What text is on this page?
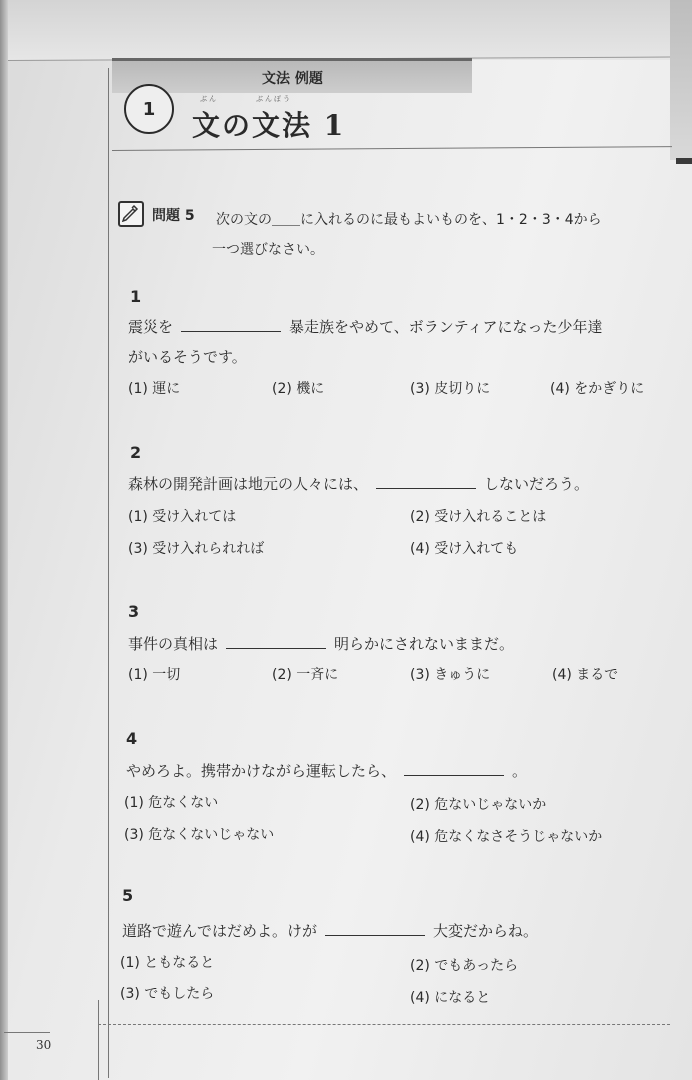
文法 例題
1	ぶん	ぶんぽう
文の文法 1
問題 5 次の文の＿＿に入れるのに最もよいものを、1・2・3・4から
一つ選びなさい。
1
震災を	暴走族をやめて、ボランティアになった少年達
がいるそうです。
(1) 運に	(2) 機に	(3) 皮切りに	(4) をかぎりに
2
森林の開発計画は地元の人々には、	しないだろう。
(1) 受け入れては	(2) 受け入れることは
(3) 受け入れられれば	(4) 受け入れても
3
事件の真相は	明らかにされないままだ。
(1) 一切	(2) 一斉に	(3) きゅうに	(4) まるで
4
やめろよ。携帯かけながら運転したら、	。
(1) 危なくない	(2) 危ないじゃないか
(3) 危なくないじゃない	(4) 危なくなさそうじゃないか
5
道路で遊んではだめよ。けが	大変だからね。
(1) ともなると	(2) でもあったら
(3) でもしたら	(4) になると
30
